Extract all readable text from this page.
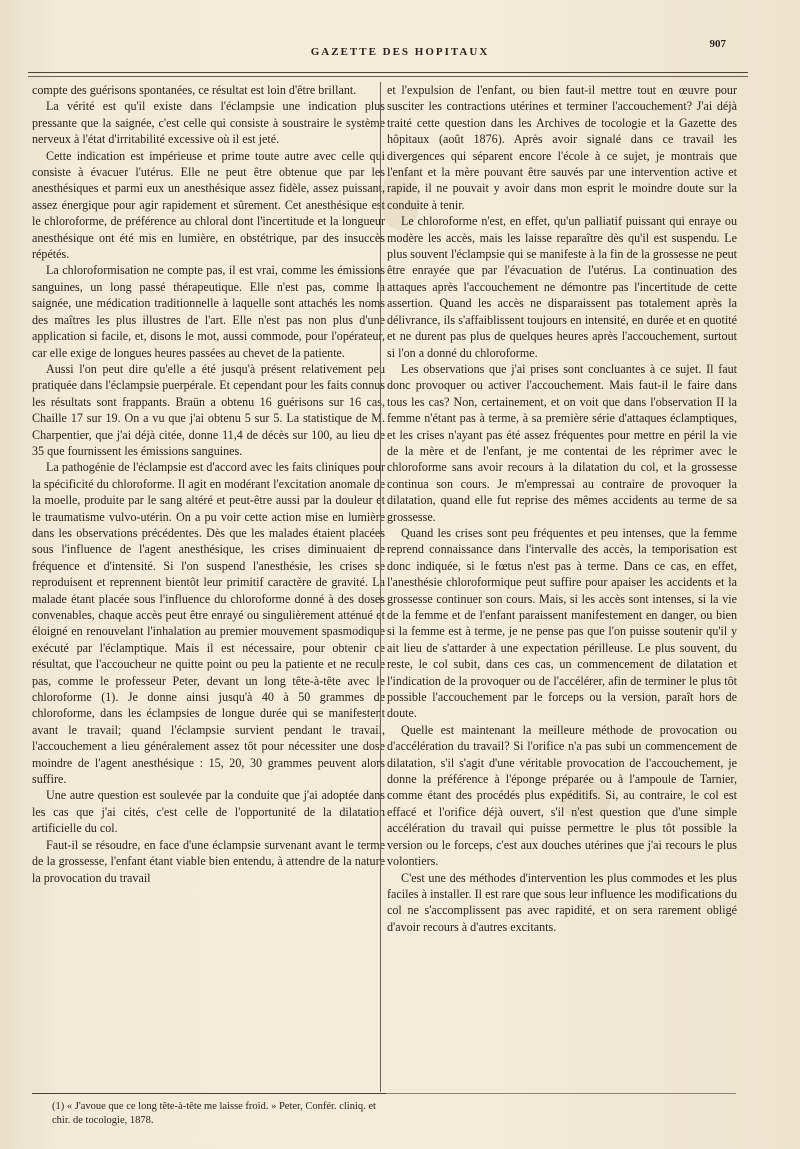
GAZETTE DES HOPITAUX
907

compte des guérisons spontanées, ce résultat est loin d'être brillant.

La vérité est qu'il existe dans l'éclampsie une indication plus pressante que la saignée, c'est celle qui consiste à soustraire le système nerveux à l'état d'irritabilité excessive où il est jeté.

Cette indication est impérieuse et prime toute autre avec celle qui consiste à évacuer l'utérus. Elle ne peut être obtenue que par les anesthésiques et parmi eux un anesthésique assez fidèle, assez puissant, assez énergique pour agir rapidement et sûrement. Cet anesthésique est le chloroforme, de préférence au chloral dont l'incertitude et la longueur anesthésique ont été mis en lumière, en obstétrique, par des insuccès répétés.

La chloroformisation ne compte pas, il est vrai, comme les émissions sanguines, un long passé thérapeutique. Elle n'est pas, comme la saignée, une médication traditionnelle à laquelle sont attachés les noms des maîtres les plus illustres de l'art. Elle n'est pas non plus d'une application si facile, et, disons le mot, aussi commode, pour l'opérateur, car elle exige de longues heures passées au chevet de la patiente.

Aussi l'on peut dire qu'elle a été jusqu'à présent relativement peu pratiquée dans l'éclampsie puerpérale. Et cependant pour les faits connus les résultats sont frappants. Braün a obtenu 16 guérisons sur 16 cas, Chaille 17 sur 19. On a vu que j'ai obtenu 5 sur 5. La statistique de M. Charpentier, que j'ai déjà citée, donne 11,4 de décès sur 100, au lieu de 35 que fournissent les émissions sanguines.

La pathogénie de l'éclampsie est d'accord avec les faits cliniques pour la spécificité du chloroforme. Il agit en modérant l'excitation anomale de la moelle, produite par le sang altéré et peut-être aussi par la douleur et le traumatisme vulvo-utérin. On a pu voir cette action mise en lumière dans les observations précédentes. Dès que les malades étaient placées sous l'influence de l'agent anesthésique, les crises diminuaient de fréquence et d'intensité. Si l'on suspend l'anesthésie, les crises se reproduisent et reprennent bientôt leur primitif caractère de gravité. La malade étant placée sous l'influence du chloroforme donné à des doses convenables, chaque accès peut être enrayé ou singulièrement atténué et éloigné en renouvelant l'inhalation au premier mouvement spasmodique exécuté par l'éclamptique. Mais il est nécessaire, pour obtenir ce résultat, que l'accoucheur ne quitte point ou peu la patiente et ne recule pas, comme le professeur Peter, devant un long tête-à-tête avec le chloroforme (1). Je donne ainsi jusqu'à 40 à 50 grammes de chloroforme, dans les éclampsies de longue durée qui se manifestent avant le travail; quand l'éclampsie survient pendant le travail, l'accouchement a lieu généralement assez tôt pour nécessiter une dose moindre de l'agent anesthésique : 15, 20, 30 grammes peuvent alors suffire.

Une autre question est soulevée par la conduite que j'ai adoptée dans les cas que j'ai cités, c'est celle de l'opportunité de la dilatation artificielle du col.

Faut-il se résoudre, en face d'une éclampsie survenant avant le terme de la grossesse, l'enfant étant viable bien entendu, à attendre de la nature la provocation du travail

et l'expulsion de l'enfant, ou bien faut-il mettre tout en œuvre pour susciter les contractions utérines et terminer l'accouchement? J'ai déjà traité cette question dans les Archives de tocologie et la Gazette des hôpitaux (août 1876). Après avoir signalé dans ce travail les divergences qui séparent encore l'école à ce sujet, je montrais que l'enfant et la mère pouvant être sauvés par une intervention active et rapide, il ne pouvait y avoir dans mon esprit le moindre doute sur la conduite à tenir.

Le chloroforme n'est, en effet, qu'un palliatif puissant qui enraye ou modère les accès, mais les laisse reparaître dès qu'il est suspendu. Le plus souvent l'éclampsie qui se manifeste à la fin de la grossesse ne peut être enrayée que par l'évacuation de l'utérus. La continuation des attaques après l'accouchement ne démontre pas l'incertitude de cette assertion. Quand les accès ne disparaissent pas totalement après la délivrance, ils s'affaiblissent toujours en intensité, en durée et en quotité et ne durent pas plus de quelques heures après l'accouchement, surtout si l'on a donné du chloroforme.

Les observations que j'ai prises sont concluantes à ce sujet. Il faut donc provoquer ou activer l'accouchement. Mais faut-il le faire dans tous les cas? Non, certainement, et on voit que dans l'observation II la femme n'étant pas à terme, à sa première série d'attaques éclamptiques, et les crises n'ayant pas été assez fréquentes pour mettre en péril la vie de la mère et de l'enfant, je me contentai de les réprimer avec le chloroforme sans avoir recours à la dilatation du col, et la grossesse continua son cours. Je m'empressai au contraire de provoquer la dilatation, quand elle fut reprise des mêmes accidents au terme de sa grossesse.

Quand les crises sont peu fréquentes et peu intenses, que la femme reprend connaissance dans l'intervalle des accès, la temporisation est donc indiquée, si le fœtus n'est pas à terme. Dans ce cas, en effet, l'anesthésie chloroformique peut suffire pour apaiser les accidents et la grossesse continuer son cours. Mais, si les accès sont intenses, si la vie de la femme et de l'enfant paraissent manifestement en danger, ou bien si la femme est à terme, je ne pense pas que l'on puisse soutenir qu'il y ait lieu de s'attarder à une expectation périlleuse. Le plus souvent, du reste, le col subit, dans ces cas, un commencement de dilatation et l'indication de la provoquer ou de l'accélérer, afin de terminer le plus tôt possible l'accouchement par le forceps ou la version, paraît hors de doute.

Quelle est maintenant la meilleure méthode de provocation ou d'accélération du travail? Si l'orifice n'a pas subi un commencement de dilatation, s'il s'agit d'une véritable provocation de l'accouchement, je donne la préférence à l'éponge préparée ou à l'ampoule de Tarnier, comme étant des procédés plus expéditifs. Si, au contraire, le col est effacé et l'orifice déjà ouvert, s'il n'est question que d'une simple accélération du travail qui puisse permettre le plus tôt possible la version ou le forceps, c'est aux douches utérines que j'ai recours le plus volontiers.

C'est une des méthodes d'intervention les plus commodes et les plus faciles à installer. Il est rare que sous leur influence les modifications du col ne s'accomplissent pas avec rapidité, et on sera rarement obligé d'avoir recours à d'autres excitants.

(1) « J'avoue que ce long tête-à-tête me laisse froid. » Peter, Confér. cliniq. et chir. de tocologie, 1878.
